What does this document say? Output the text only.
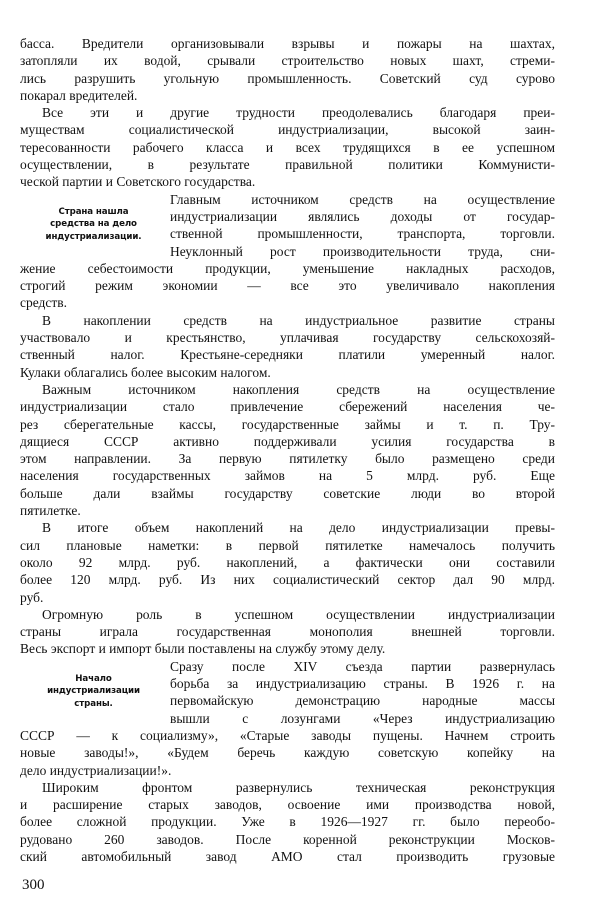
басса. Вредители организовывали взрывы и пожары на шахтах,
затопляли их водой, срывали строительство новых шахт, стреми-
лись разрушить угольную промышленность. Советский суд сурово
покарал вредителей.
Все эти и другие трудности преодолевались благодаря преи-
муществам социалистической индустриализации, высокой заин-
тересованности рабочего класса и всех трудящихся в ее успешном
осуществлении, в результате правильной политики Коммунисти-
ческой партии и Советского государства.
Страна нашла
средства на дело
индустриализации.
Главным источником средств на осуществление
индустриализации являлись доходы от государ-
ственной промышленности, транспорта, торговли.
Неуклонный рост производительности труда, сни-
жение себестоимости продукции, уменьшение накладных расходов,
строгий режим экономии — все это увеличивало накопления
средств.
В накоплении средств на индустриальное развитие страны
участвовало и крестьянство, уплачивая государству сельскохозяй-
ственный налог. Крестьяне-середняки платили умеренный налог.
Кулаки облагались более высоким налогом.
Важным источником накопления средств на осуществление
индустриализации стало привлечение сбережений населения че-
рез сберегательные кассы, государственные займы и т. п. Тру-
дящиеся СССР активно поддерживали усилия государства в
этом направлении. За первую пятилетку было размещено среди
населения государственных займов на 5 млрд. руб. Еще
больше дали взаймы государству советские люди во второй
пятилетке.
В итоге объем накоплений на дело индустриализации превы-
сил плановые наметки: в первой пятилетке намечалось получить
около 92 млрд. руб. накоплений, а фактически они составили
более 120 млрд. руб. Из них социалистический сектор дал 90 млрд.
руб.
Огромную роль в успешном осуществлении индустриализации
страны играла государственная монополия внешней торговли.
Весь экспорт и импорт были поставлены на службу этому делу.
Начало
индустриализации
страны.
Сразу после XIV съезда партии развернулась
борьба за индустриализацию страны. В 1926 г. на
первомайскую демонстрацию народные массы
300
вышли с лозунгами «Через индустриализацию
СССР — к социализму», «Старые заводы пущены. Начнем строить
новые заводы!», «Будем беречь каждую советскую копейку на
дело индустриализации!».
Широким фронтом развернулись техническая реконструкция
и расширение старых заводов, освоение ими производства новой,
более сложной продукции. Уже в 1926—1927 гг. было переобо-
рудовано 260 заводов. После коренной реконструкции Москов-
ский автомобильный завод АМО стал производить грузовые
